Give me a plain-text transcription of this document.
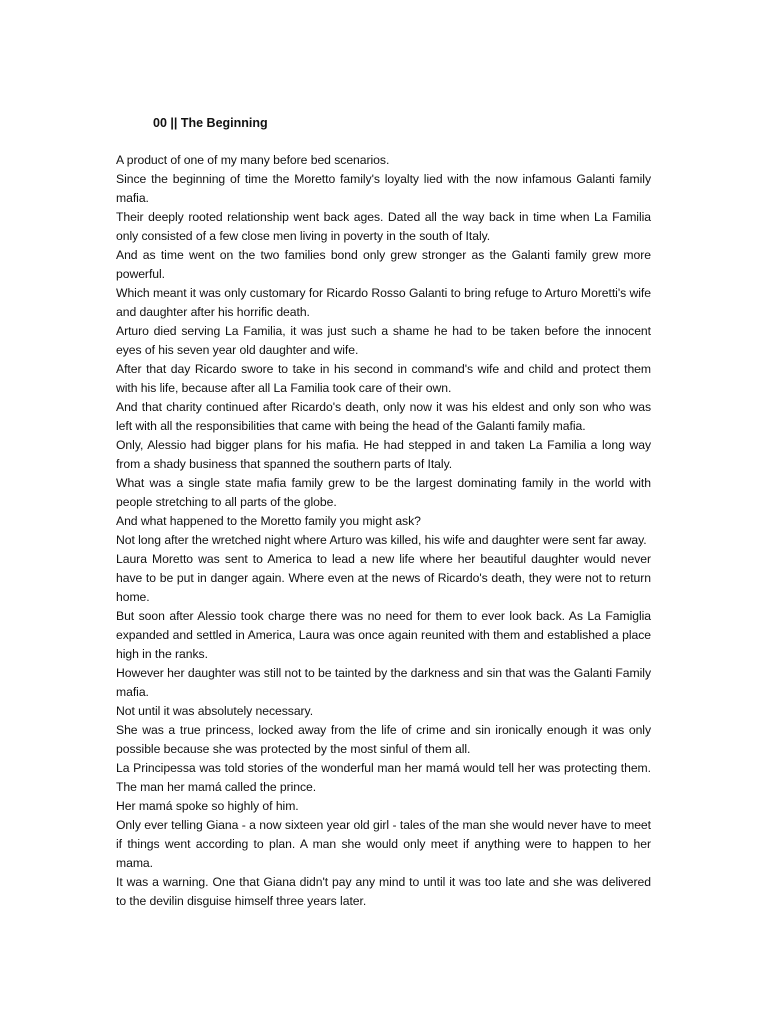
00 || The Beginning

A product of one of my many before bed scenarios.

Since the beginning of time the Moretto family's loyalty lied with the now infamous Galanti family mafia.

Their deeply rooted relationship went back ages. Dated all the way back in time when La Familia only consisted of a few close men living in poverty in the south of Italy.

And as time went on the two families bond only grew stronger as the Galanti family grew more powerful.

Which meant it was only customary for Ricardo Rosso Galanti to bring refuge to Arturo Moretti's wife and daughter after his horrific death.

Arturo died serving La Familia, it was just such a shame he had to be taken before the innocent eyes of his seven year old daughter and wife.

After that day Ricardo swore to take in his second in command's wife and child and protect them with his life, because after all La Familia took care of their own.

And that charity continued after Ricardo's death, only now it was his eldest and only son who was left with all the responsibilities that came with being the head of the Galanti family mafia.

Only, Alessio had bigger plans for his mafia. He had stepped in and taken La Familia a long way from a shady business that spanned the southern parts of Italy.

What was a single state mafia family grew to be the largest dominating family in the world with people stretching to all parts of the globe.

And what happened to the Moretto family you might ask?

Not long after the wretched night where Arturo was killed, his wife and daughter were sent far away.

Laura Moretto was sent to America to lead a new life where her beautiful daughter would never have to be put in danger again. Where even at the news of Ricardo's death, they were not to return home.

But soon after Alessio took charge there was no need for them to ever look back. As La Famiglia expanded and settled in America, Laura was once again reunited with them and established a place high in the ranks.

However her daughter was still not to be tainted by the darkness and sin that was the Galanti Family mafia.

Not until it was absolutely necessary.

She was a true princess, locked away from the life of crime and sin ironically enough it was only possible because she was protected by the most sinful of them all.

La Principessa was told stories of the wonderful man her mamá would tell her was protecting them. The man her mamá called the prince.

Her mamá spoke so highly of him.

Only ever telling Giana - a now sixteen year old girl - tales of the man she would never have to meet if things went according to plan. A man she would only meet if anything were to happen to her mama.

It was a warning. One that Giana didn't pay any mind to until it was too late and she was delivered to the devilin disguise himself three years later.
